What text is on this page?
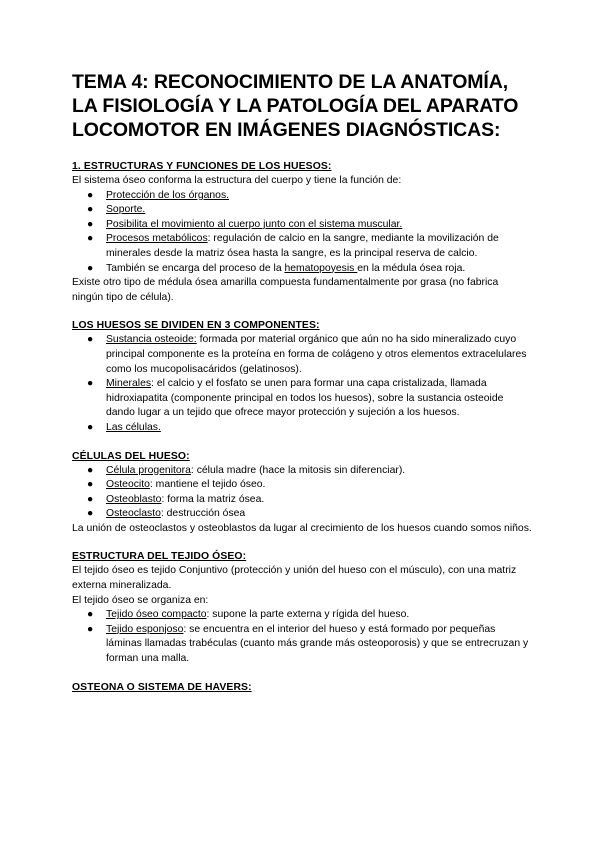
TEMA 4: RECONOCIMIENTO DE LA ANATOMÍA, LA FISIOLOGÍA Y LA PATOLOGÍA DEL APARATO LOCOMOTOR EN IMÁGENES DIAGNÓSTICAS:
1. ESTRUCTURAS Y FUNCIONES DE LOS HUESOS:

El sistema óseo conforma la estructura del cuerpo y tiene la función de:

● Protección de los órganos.
● Soporte.
● Posibilita el movimiento al cuerpo junto con el sistema muscular.
● Procesos metabólicos: regulación de calcio en la sangre, mediante la movilización de minerales desde la matriz ósea hasta la sangre, es la principal reserva de calcio.
● También se encarga del proceso de la hematopoyesis en la médula ósea roja.

Existe otro tipo de médula ósea amarilla compuesta fundamentalmente por grasa (no fabrica ningún tipo de célula).

LOS HUESOS SE DIVIDEN EN 3 COMPONENTES:
● Sustancia osteoide: formada por material orgánico que aún no ha sido mineralizado cuyo principal componente es la proteína en forma de colágeno y otros elementos extracelulares como los mucopolisacáridos (gelatinosos).
● Minerales: el calcio y el fosfato se unen para formar una capa cristalizada, llamada hidroxiapatita (componente principal en todos los huesos), sobre la sustancia osteoide dando lugar a un tejido que ofrece mayor protección y sujeción a los huesos.
● Las células.
CÉLULAS DEL HUESO:
● Célula progenitora: célula madre (hace la mitosis sin diferenciar).
● Osteocito: mantiene el tejido óseo.
● Osteoblasto: forma la matriz ósea.
● Osteoclasto: destrucción ósea

La unión de osteoclastos y osteoblastos da lugar al crecimiento de los huesos cuando somos niños.

ESTRUCTURA DEL TEJIDO ÓSEO:

El tejido óseo es tejido Conjuntivo (protección y unión del hueso con el músculo), con una matriz externa mineralizada.

El tejido óseo se organiza en:

● Tejido óseo compacto: supone la parte externa y rígida del hueso.
● Tejido esponjoso: se encuentra en el interior del hueso y está formado por pequeñas láminas llamadas trabéculas (cuanto más grande más osteoporosis) y que se entrecruzan y forman una malla.
OSTEONA O SISTEMA DE HAVERS:
